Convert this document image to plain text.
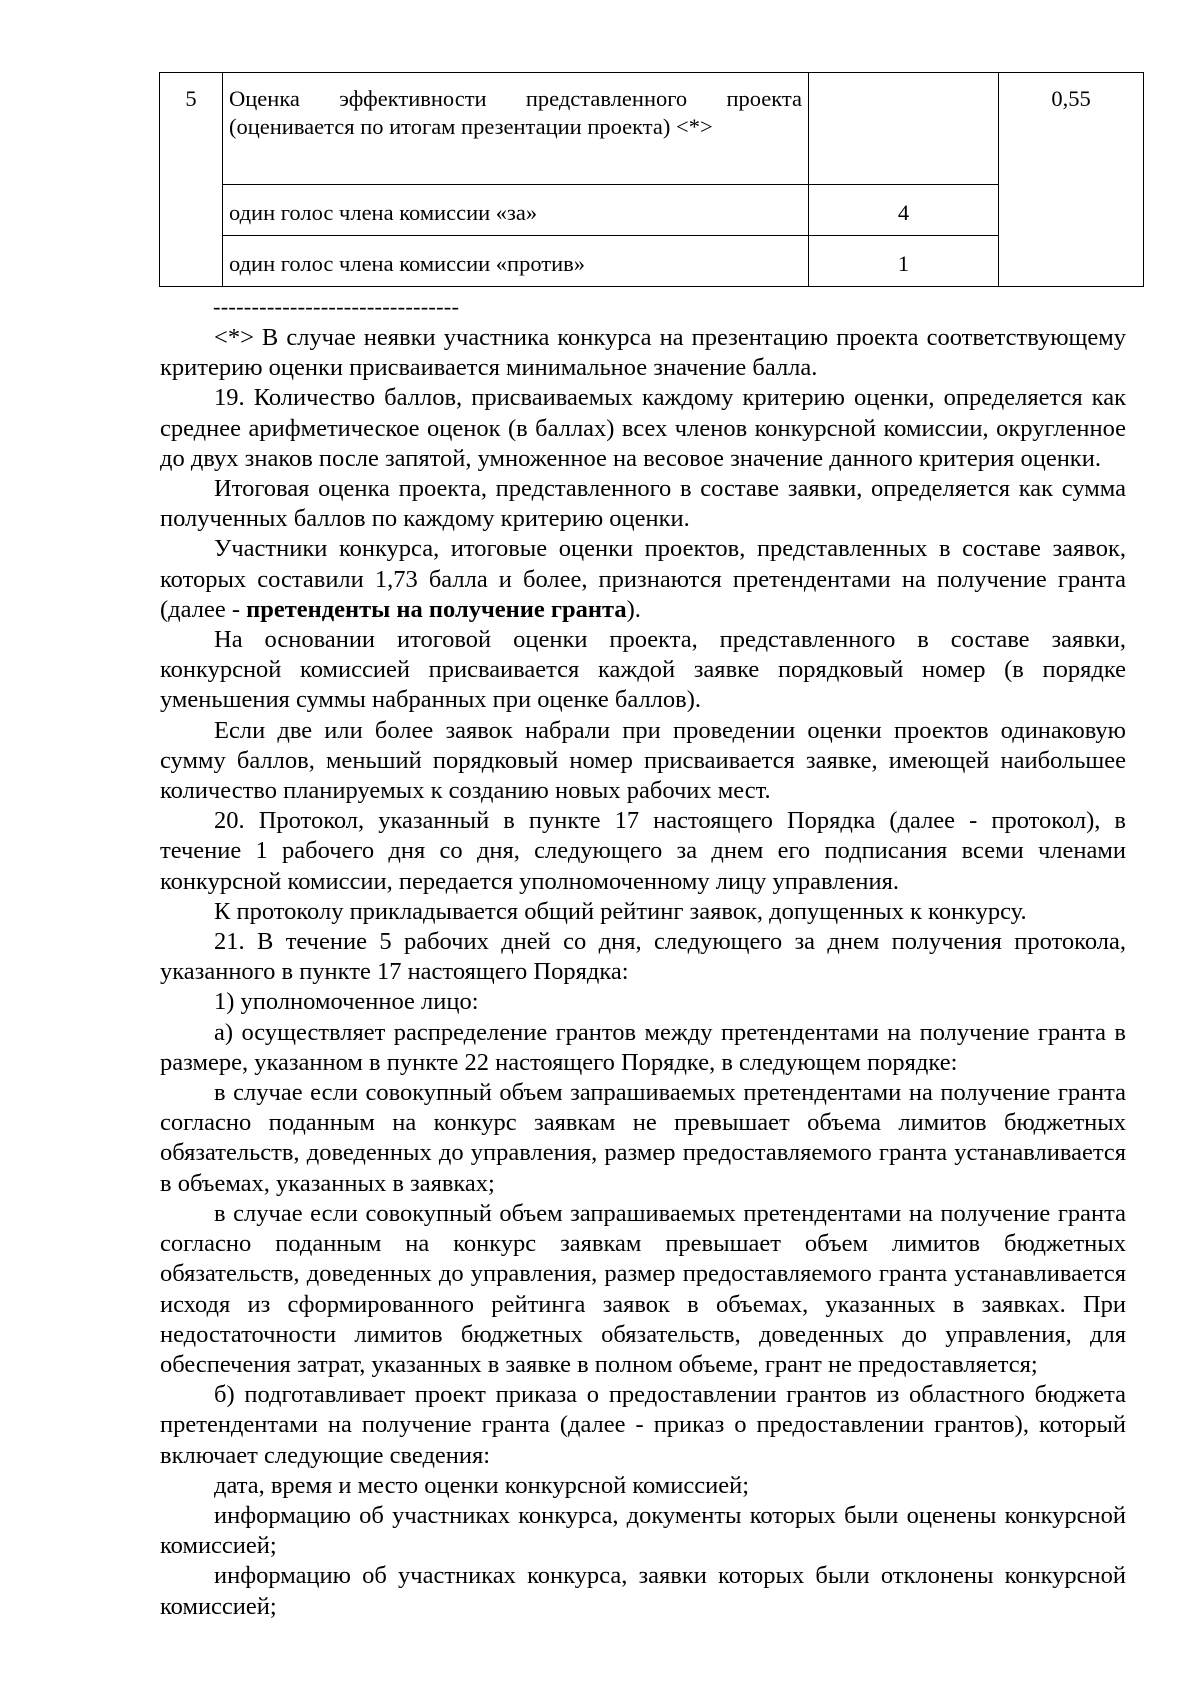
5	Оценка эффективности представленного проекта (оценивается по итогам презентации проекта) <*>		0,55
	один голос члена комиссии «за»	4	
	один голос члена комиссии «против»	1	
--------------------------------

<*> В случае неявки участника конкурса на презентацию проекта соответствующему критерию оценки присваивается минимальное значение балла.

19. Количество баллов, присваиваемых каждому критерию оценки, определяется как среднее арифметическое оценок (в баллах) всех членов конкурсной комиссии, округленное до двух знаков после запятой, умноженное на весовое значение данного критерия оценки.

Итоговая оценка проекта, представленного в составе заявки, определяется как сумма полученных баллов по каждому критерию оценки.

Участники конкурса, итоговые оценки проектов, представленных в составе заявок, которых составили 1,73 балла и более, признаются претендентами на получение гранта (далее - претенденты на получение гранта).

На основании итоговой оценки проекта, представленного в составе заявки, конкурсной комиссией присваивается каждой заявке порядковый номер (в порядке уменьшения суммы набранных при оценке баллов).

Если две или более заявок набрали при проведении оценки проектов одинаковую сумму баллов, меньший порядковый номер присваивается заявке, имеющей наибольшее количество планируемых к созданию новых рабочих мест.

20. Протокол, указанный в пункте 17 настоящего Порядка (далее - протокол), в течение 1 рабочего дня со дня, следующего за днем его подписания всеми членами конкурсной комиссии, передается уполномоченному лицу управления.

К протоколу прикладывается общий рейтинг заявок, допущенных к конкурсу.

21. В течение 5 рабочих дней со дня, следующего за днем получения протокола, указанного в пункте 17 настоящего Порядка:

1) уполномоченное лицо:

а) осуществляет распределение грантов между претендентами на получение гранта в размере, указанном в пункте 22 настоящего Порядке, в следующем порядке:

в случае если совокупный объем запрашиваемых претендентами на получение гранта согласно поданным на конкурс заявкам не превышает объема лимитов бюджетных обязательств, доведенных до управления, размер предоставляемого гранта устанавливается в объемах, указанных в заявках;

в случае если совокупный объем запрашиваемых претендентами на получение гранта согласно поданным на конкурс заявкам превышает объем лимитов бюджетных обязательств, доведенных до управления, размер предоставляемого гранта устанавливается исходя из сформированного рейтинга заявок в объемах, указанных в заявках. При недостаточности лимитов бюджетных обязательств, доведенных до управления, для обеспечения затрат, указанных в заявке в полном объеме, грант не предоставляется;

б) подготавливает проект приказа о предоставлении грантов из областного бюджета претендентами на получение гранта (далее - приказ о предоставлении грантов), который включает следующие сведения:

дата, время и место оценки конкурсной комиссией;

информацию об участниках конкурса, документы которых были оценены конкурсной комиссией;

информацию об участниках конкурса, заявки которых были отклонены конкурсной комиссией;
